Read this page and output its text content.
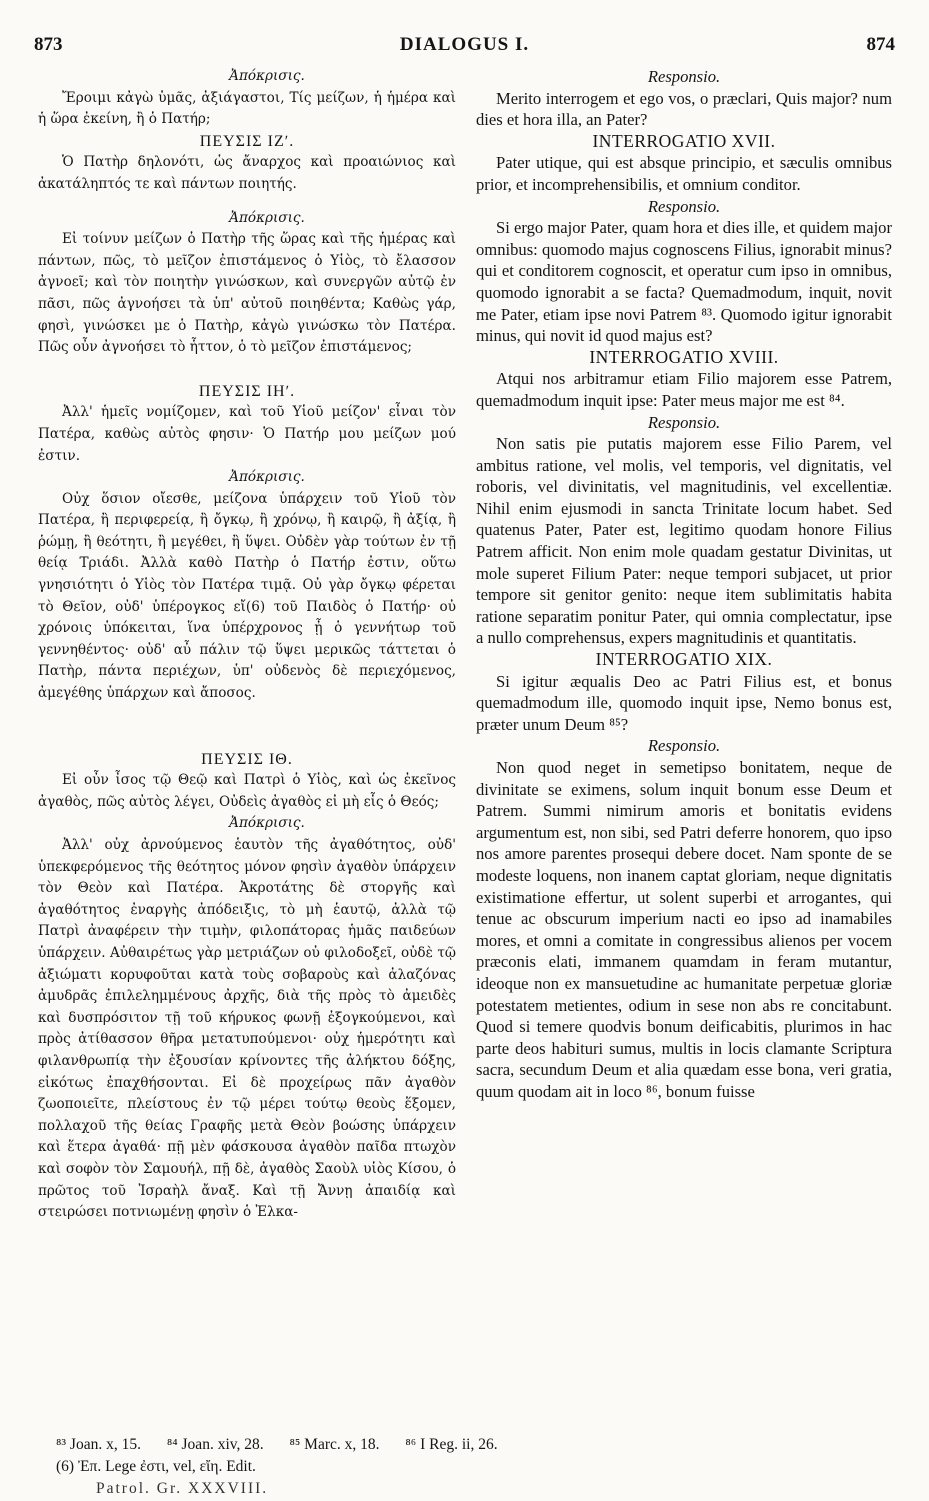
873	DIALOGUS I.	874
Ἀπόκρισις.

Ἔροιμι κἀγὼ ὑμᾶς, ἀξιάγαστοι, Τίς μείζων, ἡ ἡμέρα καὶ ἡ ὥρα ἐκείνη, ἢ ὁ Πατήρ;

ΠΕΥΣΙΣ ΙΖʹ.

Ὁ Πατὴρ δηλονότι, ὡς ἄναρχος καὶ προαιώνιος καὶ ἀκατάληπτός τε καὶ πάντων ποιητής.

Ἀπόκρισις.

Εἰ τοίνυν μείζων ὁ Πατὴρ τῆς ὥρας καὶ τῆς ἡμέρας καὶ πάντων, πῶς, τὸ μεῖζον ἐπιστάμενος ὁ Υἱὸς, τὸ ἔλασσον ἀγνοεῖ; καὶ τὸν ποιητὴν γινώσκων, καὶ συνεργῶν αὐτῷ ἐν πᾶσι, πῶς ἀγνοήσει τὰ ὑπ' αὐτοῦ ποιηθέντα; Καθὼς γάρ, φησὶ, γινώσκει με ὁ Πατὴρ, κἀγὼ γινώσκω τὸν Πατέρα. Πῶς οὖν ἀγνοήσει τὸ ἧττον, ὁ τὸ μεῖζον ἐπιστάμενος;

ΠΕΥΣΙΣ ΙΗʹ.

Ἀλλ' ἡμεῖς νομίζομεν, καὶ τοῦ Υἱοῦ μείζον' εἶναι τὸν Πατέρα, καθὼς αὐτὸς φησιν· Ὁ Πατήρ μου μείζων μού ἐστιν.

Ἀπόκρισις.

Οὐχ ὅσιον οἴεσθε, μείζονα ὑπάρχειν τοῦ Υἱοῦ τὸν Πατέρα, ἢ περιφερείᾳ, ἢ ὄγκῳ, ἢ χρόνῳ, ἢ καιρῷ, ἢ ἀξίᾳ, ἢ ῥώμῃ, ἢ θεότητι, ἢ μεγέθει, ἢ ὕψει. Οὐδὲν γὰρ τούτων ἐν τῇ θείᾳ Τριάδι. Ἀλλὰ καθὸ Πατὴρ ὁ Πατήρ ἐστιν, οὕτω γνησιότητι ὁ Υἱὸς τὸν Πατέρα τιμᾷ. Οὐ γὰρ ὄγκῳ φέρεται τὸ Θεῖον, οὐδ' ὑπέρογκος εἴ(6) τοῦ Παιδὸς ὁ Πατήρ· οὐ χρόνοις ὑπόκειται, ἵνα ὑπέρχρονος ᾖ ὁ γεννήτωρ τοῦ γεννηθέντος· οὐδ' αὖ πάλιν τῷ ὕψει μερικῶς τάττεται ὁ Πατὴρ, πάντα περιέχων, ὑπ' οὐδενὸς δὲ περιεχόμενος, ἀμεγέθης ὑπάρχων καὶ ἄποσος.

ΠΕΥΣΙΣ ΙΘ.

Εἰ οὖν ἶσος τῷ Θεῷ καὶ Πατρὶ ὁ Υἱὸς, καὶ ὡς ἐκεῖνος ἀγαθὸς, πῶς αὐτὸς λέγει, Οὐδεὶς ἀγαθὸς εἰ μὴ εἷς ὁ Θεός;

Ἀπόκρισις.

Ἀλλ' οὐχ ἀρνούμενος ἑαυτὸν τῆς ἀγαθότητος, οὐδ' ὑπεκφερόμενος τῆς θεότητος μόνον φησὶν ἀγαθὸν ὑπάρχειν τὸν Θεὸν καὶ Πατέρα. Ἀκροτάτης δὲ στοργῆς καὶ ἀγαθότητος ἐναργὴς ἀπόδειξις, τὸ μὴ ἑαυτῷ, ἀλλὰ τῷ Πατρὶ ἀναφέρειν τὴν τιμὴν, φιλοπάτορας ἡμᾶς παιδεύων ὑπάρχειν. Αὐθαιρέτως γὰρ μετριάζων οὐ φιλοδοξεῖ, οὐδὲ τῷ ἀξιώματι κορυφοῦται κατὰ τοὺς σοβαροὺς καὶ ἀλαζόνας ἀμυδρᾶς ἐπιλελημμένους ἀρχῆς, διὰ τῆς πρὸς τὸ ἀμειδὲς καὶ δυσπρόσιτον τῇ τοῦ κήρυκος φωνῇ ἐξογκούμενοι, καὶ πρὸς ἀτίθασσον θῆρα μετατυπούμενοι· οὐχ ἡμερότητι καὶ φιλανθρωπίᾳ τὴν ἐξουσίαν κρίνοντες τῆς ἀλήκτου δόξης, εἰκότως ἐπαχθήσονται. Εἰ δὲ προχείρως πᾶν ἀγαθὸν ζωοποιεῖτε, πλείστους ἐν τῷ μέρει τούτῳ θεοὺς ἕξομεν, πολλαχοῦ τῆς θείας Γραφῆς μετὰ Θεὸν βοώσης ὑπάρχειν καὶ ἕτερα ἀγαθά· πῇ μὲν φάσκουσα ἀγαθὸν παῖδα πτωχὸν καὶ σοφὸν τὸν Σαμουήλ, πῇ δὲ, ἀγαθὸς Σαοὺλ υἱὸς Κίσου, ὁ πρῶτος τοῦ Ἰσραὴλ ἄναξ. Καὶ τῇ Ἄννῃ ἀπαιδίᾳ καὶ στειρώσει ποτνιωμένῃ φησὶν ὁ Ἐλκα-

Responsio.

Merito interrogem et ego vos, o præclari, Quis major? num dies et hora illa, an Pater?

INTERROGATIO XVII.

Pater utique, qui est absque principio, et sæculis omnibus prior, et incomprehensibilis, et omnium conditor.

Responsio.

Si ergo major Pater, quam hora et dies ille, et quidem major omnibus: quomodo majus cognoscens Filius, ignorabit minus? qui et conditorem cognoscit, et operatur cum ipso in omnibus, quomodo ignorabit a se facta? Quemadmodum, inquit, novit me Pater, etiam ipse novi Patrem ⁸³. Quomodo igitur ignorabit minus, qui novit id quod majus est?

INTERROGATIO XVIII.

Atqui nos arbitramur etiam Filio majorem esse Patrem, quemadmodum inquit ipse: Pater meus major me est ⁸⁴.

Responsio.

Non satis pie putatis majorem esse Filio Parem, vel ambitus ratione, vel molis, vel temporis, vel dignitatis, vel roboris, vel divinitatis, vel magnitudinis, vel excellentiæ. Nihil enim ejusmodi in sancta Trinitate locum habet. Sed quatenus Pater, Pater est, legitimo quodam honore Filius Patrem afficit. Non enim mole quadam gestatur Divinitas, ut mole superet Filium Pater: neque tempori subjacet, ut prior tempore sit genitor genito: neque item sublimitatis habita ratione separatim ponitur Pater, qui omnia complectatur, ipse a nullo comprehensus, expers magnitudinis et quantitatis.

INTERROGATIO XIX.

Si igitur æqualis Deo ac Patri Filius est, et bonus quemadmodum ille, quomodo inquit ipse, Nemo bonus est, præter unum Deum ⁸⁵?

Responsio.

Non quod neget in semetipso bonitatem, neque de divinitate se eximens, solum inquit bonum esse Deum et Patrem. Summi nimirum amoris et bonitatis evidens argumentum est, non sibi, sed Patri deferre honorem, quo ipso nos amore parentes prosequi debere docet. Nam sponte de se modeste loquens, non inanem captat gloriam, neque dignitatis existimatione effertur, ut solent superbi et arrogantes, qui tenue ac obscurum imperium nacti eo ipso ad inamabiles mores, et omni a comitate in congressibus alienos per vocem præconis elati, immanem quamdam in feram mutantur, ideoque non ex mansuetudine ac humanitate perpetuæ gloriæ potestatem metientes, odium in sese non abs re concitabunt. Quod si temere quodvis bonum deificabitis, plurimos in hac parte deos habituri sumus, multis in locis clamante Scriptura sacra, secundum Deum et alia quædam esse bona, veri gratia, quum quodam ait in loco ⁸⁶, bonum fuisse

⁸³ Joan. x, 15. ⁸⁴ Joan. xiv, 28. ⁸⁵ Marc. x, 18. ⁸⁶ I Reg. ii, 26.
(6) Ἐπ. Lege ἐστι, vel, εἴη. Edit.
Patrol. Gr. XXXVIII.
